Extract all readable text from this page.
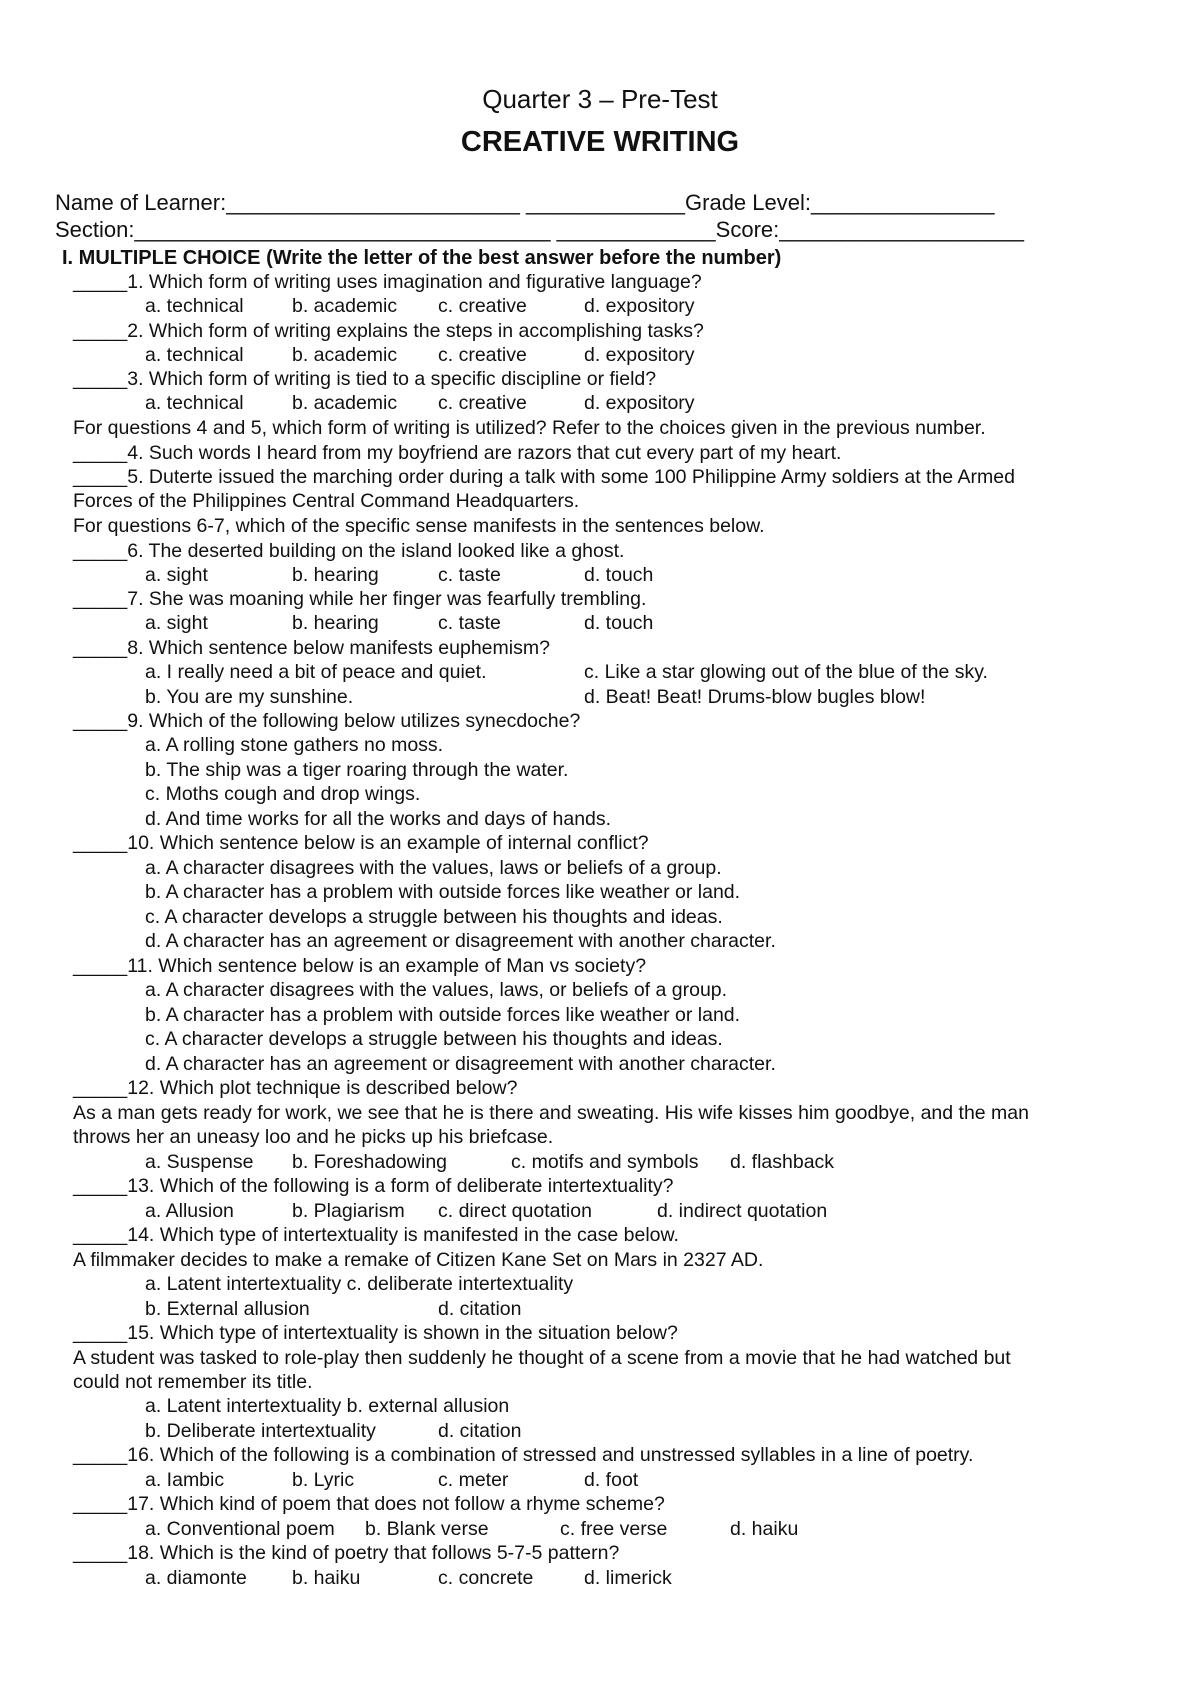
Quarter 3 – Pre-Test
CREATIVE WRITING
Name of Learner:________________________ _____________Grade Level:_______________
Section:__________________________________ _____________Score:____________________
I. MULTIPLE CHOICE (Write the letter of the best answer before the number)
_____1. Which form of writing uses imagination and figurative language?
a. technical b. academic c. creative	d. expository
_____2. Which form of writing explains the steps in accomplishing tasks?
a. technical b. academic c. creative	d. expository
_____3. Which form of writing is tied to a specific discipline or field?
a. technical b. academic c. creative	d. expository
For questions 4 and 5, which form of writing is utilized? Refer to the choices given in the previous number.
_____4. Such words I heard from my boyfriend are razors that cut every part of my heart.
_____5. Duterte issued the marching order during a talk with some 100 Philippine Army soldiers at the Armed
Forces of the Philippines Central Command Headquarters.
For questions 6-7, which of the specific sense manifests in the sentences below.
_____6. The deserted building on the island looked like a ghost.
a. sight	b. hearing	c. taste	d. touch
_____7. She was moaning while her finger was fearfully trembling.
a. sight	b. hearing	c. taste	d. touch
_____8. Which sentence below manifests euphemism?
a. I really need a bit of peace and quiet.	c. Like a star glowing out of the blue of the sky.
b. You are my sunshine.	d. Beat! Beat! Drums-blow bugles blow!
_____9. Which of the following below utilizes synecdoche?
a. A rolling stone gathers no moss.
b. The ship was a tiger roaring through the water.
c. Moths cough and drop wings.
d. And time works for all the works and days of hands.
_____10. Which sentence below is an example of internal conflict?
a. A character disagrees with the values, laws or beliefs of a group.
b. A character has a problem with outside forces like weather or land.
c. A character develops a struggle between his thoughts and ideas.
d. A character has an agreement or disagreement with another character.
_____11. Which sentence below is an example of Man vs society?
a. A character disagrees with the values, laws, or beliefs of a group.
b. A character has a problem with outside forces like weather or land.
c. A character develops a struggle between his thoughts and ideas.
d. A character has an agreement or disagreement with another character.
_____12. Which plot technique is described below?
As a man gets ready for work, we see that he is there and sweating. His wife kisses him goodbye, and the man
throws her an uneasy loo and he picks up his briefcase.
a. Suspense b. Foreshadowing	c. motifs and symbols d. flashback
_____13. Which of the following is a form of deliberate intertextuality?
a. Allusion	b. Plagiarism c. direct quotation	d. indirect quotation
_____14. Which type of intertextuality is manifested in the case below.
A filmmaker decides to make a remake of Citizen Kane Set on Mars in 2327 AD.
a. Latent intertextuality c. deliberate intertextuality
b. External allusion	d. citation
_____15. Which type of intertextuality is shown in the situation below?
A student was tasked to role-play then suddenly he thought of a scene from a movie that he had watched but
could not remember its title.
a. Latent intertextuality b. external allusion
b. Deliberate intertextuality	d. citation
_____16. Which of the following is a combination of stressed and unstressed syllables in a line of poetry.
a. Iambic	b. Lyric	c. meter	d. foot
_____17. Which kind of poem that does not follow a rhyme scheme?
a. Conventional poem b. Blank verse	c. free verse	d. haiku
_____18. Which is the kind of poetry that follows 5-7-5 pattern?
a. diamonte b. haiku	c. concrete	d. limerick
